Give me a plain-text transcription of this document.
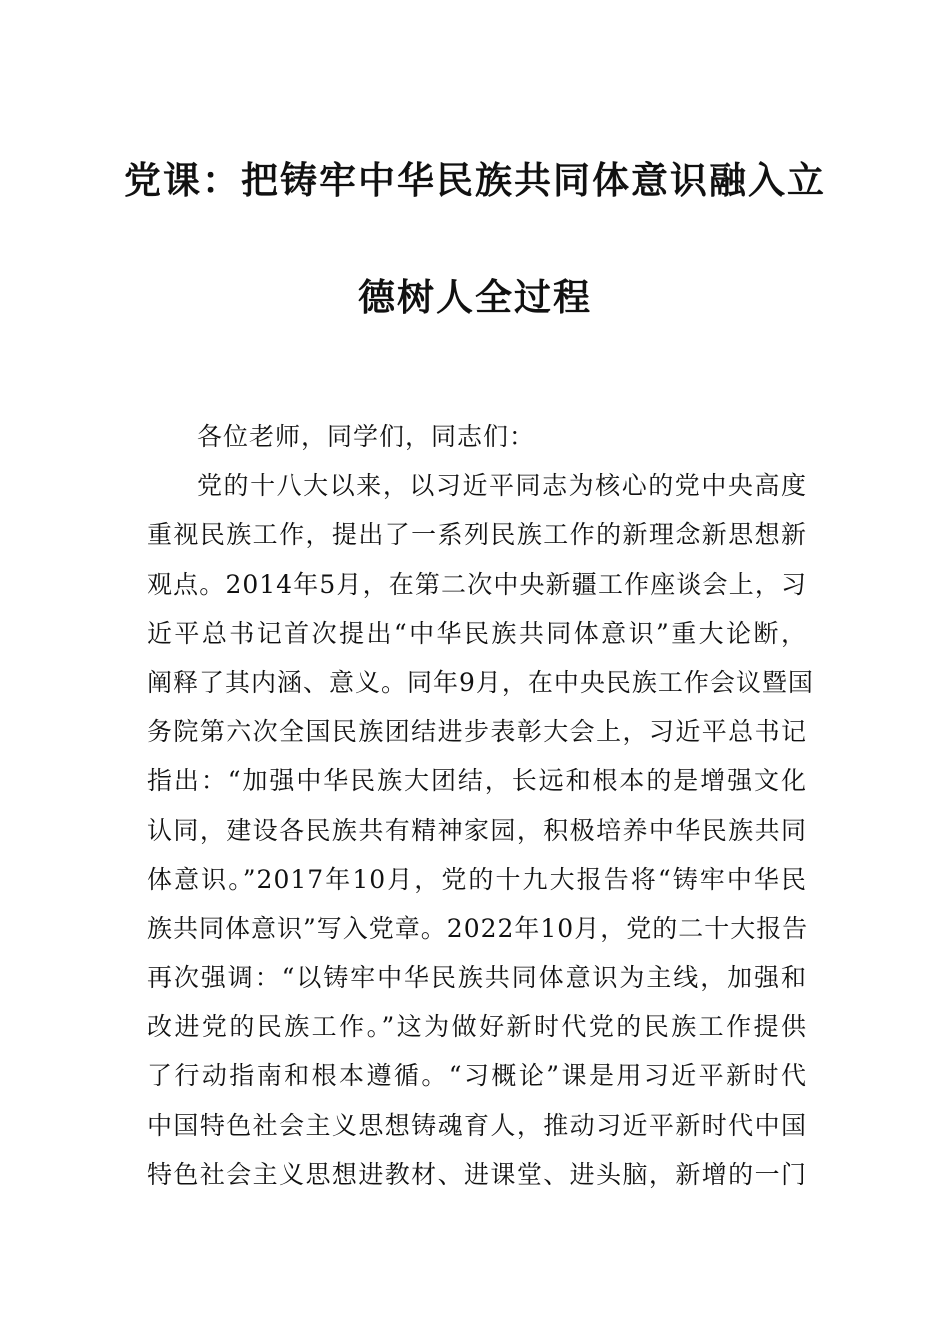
党课：把铸牢中华民族共同体意识融入立
德树人全过程
各位老师，同学们，同志们：
党的十八大以来，以习近平同志为核心的党中央高度
重视民族工作，提出了一系列民族工作的新理念新思想新
观点。2014年5月，在第二次中央新疆工作座谈会上，习
近平总书记首次提出“中华民族共同体意识”重大论断，
阐释了其内涵、意义。同年9月，在中央民族工作会议暨国
务院第六次全国民族团结进步表彰大会上，习近平总书记
指出：“加强中华民族大团结，长远和根本的是增强文化
认同，建设各民族共有精神家园，积极培养中华民族共同
体意识。”2017年10月，党的十九大报告将“铸牢中华民
族共同体意识”写入党章。2022年10月，党的二十大报告
再次强调：“以铸牢中华民族共同体意识为主线，加强和
改进党的民族工作。”这为做好新时代党的民族工作提供
了行动指南和根本遵循。“习概论”课是用习近平新时代
中国特色社会主义思想铸魂育人，推动习近平新时代中国
特色社会主义思想进教材、进课堂、进头脑，新增的一门
